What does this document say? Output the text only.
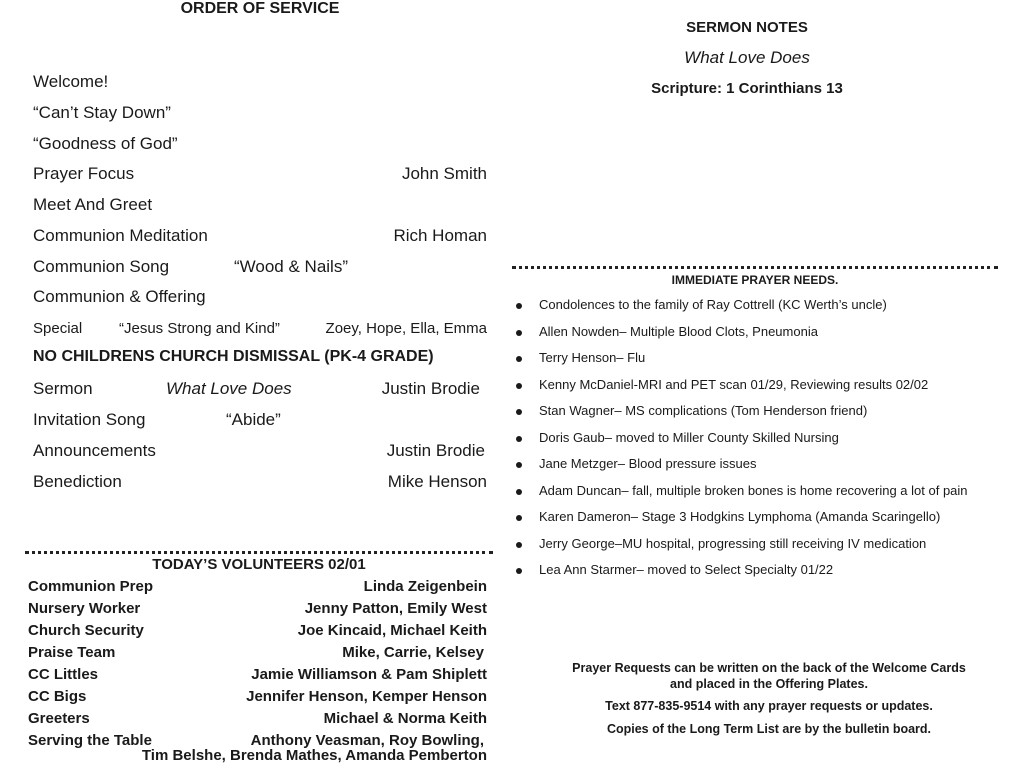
ORDER OF SERVICE
Welcome!
“Can’t Stay Down”
“Goodness of God”
Prayer Focus	John Smith
Meet And Greet
Communion Meditation	Rich Homan
Communion Song	“Wood & Nails”
Communion & Offering
Special “Jesus Strong and Kind”	Zoey, Hope, Ella, Emma
NO CHILDRENS CHURCH DISMISSAL (PK-4 GRADE)
Sermon	What Love Does	Justin Brodie
Invitation Song	“Abide”
Announcements	Justin Brodie
Benediction	Mike Henson
TODAY’S VOLUNTEERS 02/01
Communion Prep	Linda Zeigenbein
Nursery Worker	Jenny Patton, Emily West
Church Security	Joe Kincaid, Michael Keith
Praise Team	Mike, Carrie, Kelsey
CC Littles	Jamie Williamson & Pam Shiplett
CC Bigs	Jennifer Henson, Kemper Henson
Greeters	Michael & Norma Keith
Serving the Table	Anthony Veasman, Roy Bowling,
Tim Belshe, Brenda Mathes, Amanda Pemberton
SERMON NOTES
What Love Does
Scripture: 1 Corinthians 13
IMMEDIATE PRAYER NEEDS.
Condolences to the family of Ray Cottrell (KC Werth’s uncle)
Allen Nowden– Multiple Blood Clots, Pneumonia
Terry Henson– Flu
Kenny McDaniel-MRI and PET scan 01/29, Reviewing results 02/02
Stan Wagner– MS complications (Tom Henderson friend)
Doris Gaub– moved to Miller County Skilled Nursing
Jane Metzger– Blood pressure issues
Adam Duncan– fall, multiple broken bones is home recovering a lot of pain
Karen Dameron– Stage 3 Hodgkins Lymphoma (Amanda Scaringello)
Jerry George–MU hospital, progressing still receiving IV medication
Lea Ann Starmer– moved to Select Specialty 01/22
Prayer Requests can be written on the back of the Welcome Cards
and placed in the Offering Plates.
Text 877-835-9514 with any prayer requests or updates.
Copies of the Long Term List are by the bulletin board.
